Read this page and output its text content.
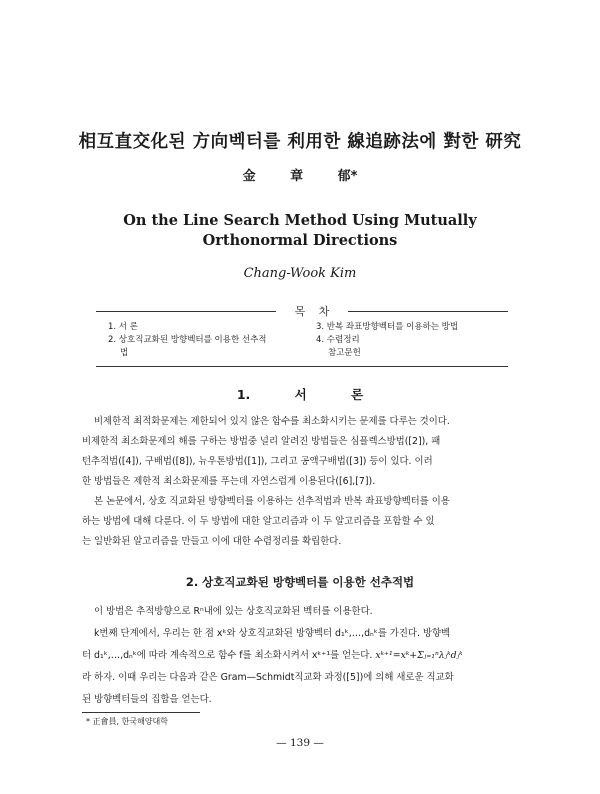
相互直交化된 方向벡터를 利用한 線追跡法에 對한 研究
金 章 郁*
On the Line Search Method Using Mutually
Orthonormal Directions
Chang-Wook Kim
목 차
1. 서 론
2. 상호직교화된 방향벡터를 이용한 선추적
법
3. 반복 좌표방향벡터를 이용하는 방법
4. 수렴정리
참고문헌
1. 서 론
비제한적 최적화문제는 제한되어 있지 않은 함수를 최소화시키는 문제를 다루는 것이다.
비제한적 최소화문제의 해를 구하는 방법중 널리 알려진 방법들은 심플렉스방법([2]), 패
턴추적법([4]), 구배법([8]), 뉴우톤방법([1]), 그리고 공액구배법([3]) 등이 있다. 이러
한 방법들은 제한적 최소화문제를 푸는데 자연스럽게 이용된다([6],[7]).
본 논문에서, 상호 직교화된 방향벡터를 이용하는 선추적법과 반복 좌표방향벡터를 이용
하는 방법에 대해 다룬다. 이 두 방법에 대한 알고리즘과 이 두 알고리즘을 포함할 수 있
는 일반화된 알고리즘을 만들고 이에 대한 수렴정리를 확립한다.
2. 상호직교화된 방향벡터를 이용한 선추적법
이 방법은 추적방향으로 Rⁿ내에 있는 상호직교화된 벡터를 이용한다.
k번째 단계에서, 우리는 한 점 xᵏ와 상호직교화된 방향벡터 d₁ᵏ,…,dₙᵏ를 가진다. 방향벡
터 d₁ᵏ,…,dₙᵏ에 따라 계속적으로 함수 f를 최소화시켜서 xᵏ⁺¹를 얻는다. xᵏ⁺¹=xᵏ+Σⱼ₌₁ⁿλⱼᵏdⱼᵏ
라 하자. 이때 우리는 다음과 같은 Gram—Schmidt직교화 과정([5])에 의해 새로운 직교화
된 방향벡터들의 집합을 얻는다.
* 正會員, 한국해양대학
— 139 —
